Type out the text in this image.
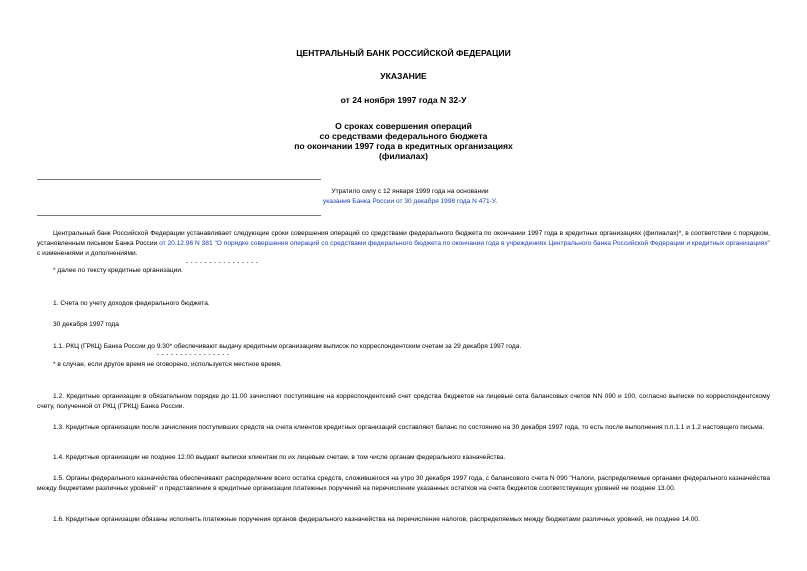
ЦЕНТРАЛЬНЫЙ БАНК РОССИЙСКОЙ ФЕДЕРАЦИИ
УКАЗАНИЕ
от 24 ноября 1997 года N 32-У
О сроках совершения операций
со средствами федерального бюджета
по окончании 1997 года в кредитных организациях
(филиалах)
Утратило силу с 12 января 1999 года на основании
указания Банка России от 30 декабря 1998 года N 471-У.
Центральный банк Российской Федерации устанавливает следующие сроки совершения операций со средствами федерального бюджета по окончании 1997 года в кредитных организациях (филиалах)*, в соответствии с порядком, установленным письмом Банка России от 20.12.96 N 381 "О порядке совершения операций со средствами федерального бюджета по окончании года в учреждениях Центрального банка Российской Федерации и кредитных организациях" с изменениями и дополнениями.
- - - - - - - - - - - - - - - -
* далее по тексту кредитные организации.
1. Счета по учету доходов федерального бюджета.
30 декабря 1997 года
1.1. РКЦ (ГРКЦ) Банка России до 9.30* обеспечивают выдачу кредитным организациям выписок по корреспондентским счетам за 29 декабря 1997 года.
- - - - - - - - - - - - - - - -
* в случае, если другое время не оговорено, используется местное время.
1.2. Кредитные организации в обязательном порядке до 11.00 зачисляют поступившие на корреспондентский счет средства бюджетов на лицевые сета балансовых счетов NN 090 и 100, согласно выписке по корреспондентскому счету, полученной от РКЦ (ГРКЦ) Банка России.
1.3. Кредитные организации после зачисления поступивших средств на счета клиентов кредитных организаций составляют баланс по состоянию на 30 декабря 1997 года, то есть после выполнения п.п.1.1 и 1.2 настоящего письма.
1.4. Кредитные организации не позднее 12.00 выдают выписки клиентам по их лицевым счетам, в том числе органам федерального казначейства.
1.5. Органы федерального казначейства обеспечивают распределение всего остатка средств, сложившегося на утро 30 декабря 1997 года, с балансового счета N 090 "Налоги, распределяемые органами федерального казначейства между бюджетами различных уровней" и представление в кредитные организации платежных поручений на перечисление указанных остатков на счета бюджетов соответствующих уровней не позднее 13.00.
1.6. Кредитные организации обязаны исполнить платежные поручения органов федерального казначейства на перечисление налогов, распределяемых между бюджетами различных уровней, не позднее 14.00.
